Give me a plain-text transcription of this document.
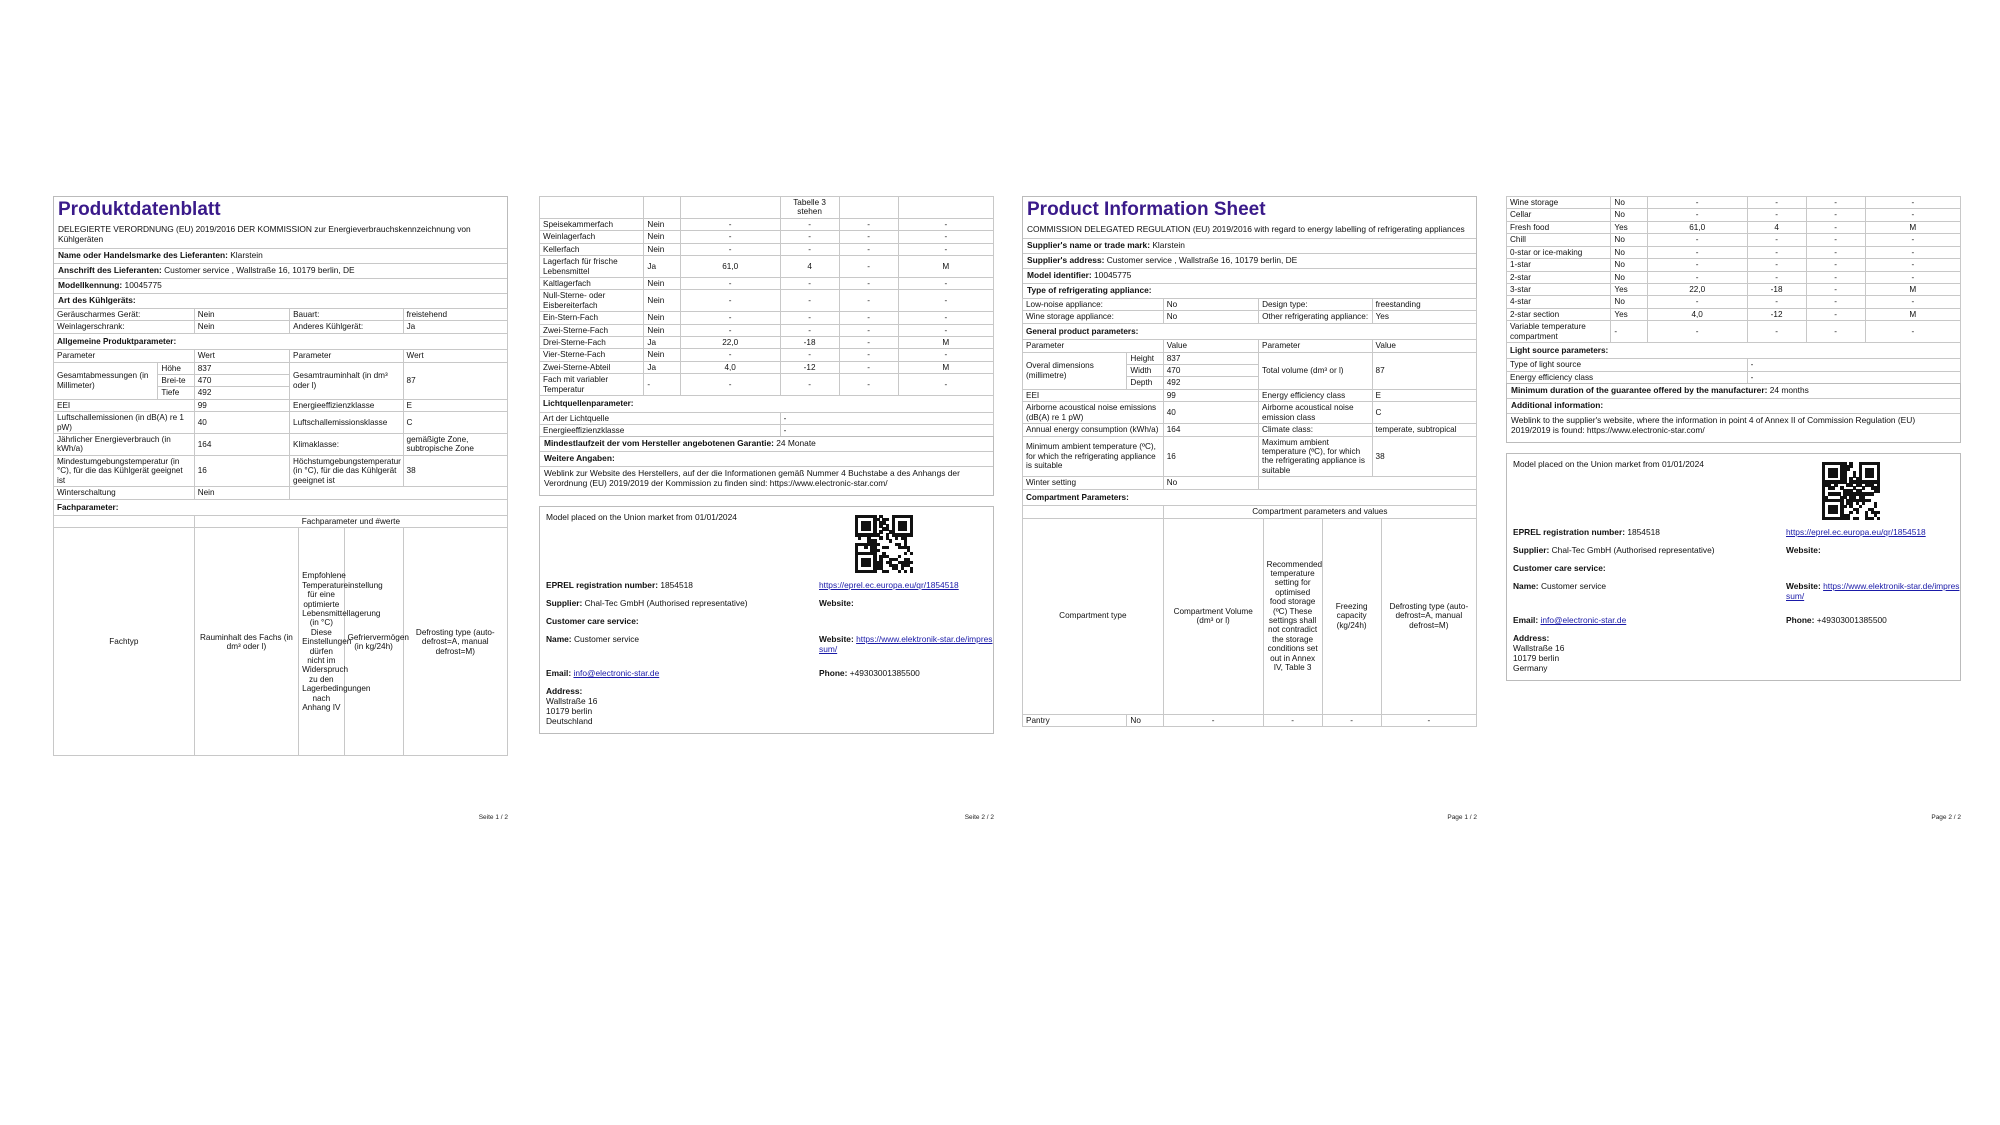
Produktdatenblatt
DELEGIERTE VERORDNUNG (EU) 2019/2016 DER KOMMISSION zur Energieverbrauchskennzeichnung von Kühlgeräten
Name oder Handelsmarke des Lieferanten: Klarstein
Anschrift des Lieferanten: Customer service , Wallstraße 16, 10179 berlin, DE
Modellkennung: 10045775
Art des Kühlgeräts:
Geräuscharmes Gerät:	Nein	Bauart:	freistehend
Weinlagerschrank:	Nein	Anderes Kühlgerät:	Ja
Allgemeine Produktparameter:			
Parameter		Wert	Parameter	Wert
Gesamtabmessungen (in Millimeter)	Höhe	837	Gesamtrauminhalt (in dm³ oder l)	87
	Brei-te	470		
	Tiefe	492		
EEI		99	Energieeffizienzklasse	E
Luftschallemissionen (in dB(A) re 1 pW)		40	Luftschallemissionsklasse	C
Jährlicher Energieverbrauch (in kWh/a)		164	Klimaklasse:	gemäßigte Zone, subtropische Zone
Mindestumgebungstemperatur (in °C), für die das Kühlgerät geeignet ist		16	Höchstumgebungstemperatur (in °C), für die das Kühlgerät geeignet ist	38
Winterschaltung		Nein		
Fachparameter:				
	Fachparameter und #werte			
Fachtyp	Rauminhalt des Fachs (in dm³ oder l)	Empfohlene Temperatureinstellung für eine optimierte Lebensmittellagerung (in °C) Diese Einstellungen dürfen nicht im Widerspruch zu den Lagerbedingungen nach Anhang IV	Gefriervermögen (in kg/24h)	Defrosting type (auto-defrost=A, manual defrost=M)
Seite 1 / 2
			Tabelle 3 stehen		
Speisekammerfach	Nein	-	-	-	-
Weinlagerfach	Nein	-	-	-	-
Kellerfach	Nein	-	-	-	-
Lagerfach für frische Lebensmittel	Ja	61,0	4	-	M
Kaltlagerfach	Nein	-	-	-	-
Null-Sterne- oder Eisbereiterfach	Nein	-	-	-	-
Ein-Stern-Fach	Nein	-	-	-	-
Zwei-Sterne-Fach	Nein	-	-	-	-
Drei-Sterne-Fach	Ja	22,0	-18	-	M
Vier-Sterne-Fach	Nein	-	-	-	-
Zwei-Sterne-Abteil	Ja	4,0	-12	-	M
Fach mit variabler Temperatur	-	-	-	-	-
Lichtquellenparameter:					
Art der Lichtquelle	-
Energieeffizienzklasse	-
Mindestlaufzeit der vom Hersteller angebotenen Garantie: 24 Monate
Weitere Angaben:
Weblink zur Website des Herstellers, auf der die Informationen gemäß Nummer 4 Buchstabe a des Anhangs der Verordnung (EU) 2019/2019 der Kommission zu finden sind: https://www.electronic-star.com/
Model placed on the Union market from 01/01/2024
EPREL registration number: 1854518	https://eprel.ec.europa.eu/qr/1854518
Supplier: Chal-Tec GmbH (Authorised representative)	Website:
Customer care service:
Name: Customer service	Website: https://www.elektronik-star.de/impressum/
Email: info@electronic-star.de	Phone: +49303001385500
Address:
Wallstraße 16
10179 berlin
Deutschland
Seite 2 / 2
Product Information Sheet
COMMISSION DELEGATED REGULATION (EU) 2019/2016 with regard to energy labelling of refrigerating appliances
Supplier's name or trade mark: Klarstein
Supplier's address: Customer service , Wallstraße 16, 10179 berlin, DE
Model identifier: 10045775
Type of refrigerating appliance:
Low-noise appliance:	No	Design type:	freestanding
Wine storage appliance:	No	Other refrigerating appliance:	Yes
General product parameters:			
Parameter		Value	Parameter	Value
Overal dimensions (millimetre)	Height	837	Total volume (dm³ or l)	87
	Width	470		
	Depth	492		
EEI		99	Energy efficiency class	E
Airborne acoustical noise emissions (dB(A) re 1 pW)		40	Airborne acoustical noise emission class	C
Annual energy consumption (kWh/a)		164	Climate class:	temperate, subtropical
Minimum ambient temperature (ºC), for which the refrigerating appliance is suitable		16	Maximum ambient temperature (ºC), for which the refrigerating appliance is suitable	38
Winter setting		No		
Compartment Parameters:				
		Compartment parameters and values			
Compartment type		Compartment Volume (dm³ or l)	Recommended temperature setting for optimised food storage (ºC) These settings shall not contradict the storage conditions set out in Annex IV, Table 3	Freezing capacity (kg/24h)	Defrosting type (auto-defrost=A, manual defrost=M)
Pantry	No	-	-	-	-
Page 1 / 2
Wine storage	No	-	-	-	-
Cellar	No	-	-	-	-
Fresh food	Yes	61,0	4	-	M
Chill	No	-	-	-	-
0-star or ice-making	No	-	-	-	-
1-star	No	-	-	-	-
2-star	No	-	-	-	-
3-star	Yes	22,0	-18	-	M
4-star	No	-	-	-	-
2-star section	Yes	4,0	-12	-	M
Variable temperature compartment	-	-	-	-	-
Light source parameters:					
Type of light source	-
Energy efficiency class	-
Minimum duration of the guarantee offered by the manufacturer: 24 months
Additional information:
Weblink to the supplier's website, where the information in point 4 of Annex II of Commission Regulation (EU) 2019/2019 is found: https://www.electronic-star.com/
Model placed on the Union market from 01/01/2024
EPREL registration number: 1854518	https://eprel.ec.europa.eu/qr/1854518
Supplier: Chal-Tec GmbH (Authorised representative)	Website:
Customer care service:
Name: Customer service	Website: https://www.elektronik-star.de/impressum/
Email: info@electronic-star.de	Phone: +49303001385500
Address:
Wallstraße 16
10179 berlin
Germany
Page 2 / 2
